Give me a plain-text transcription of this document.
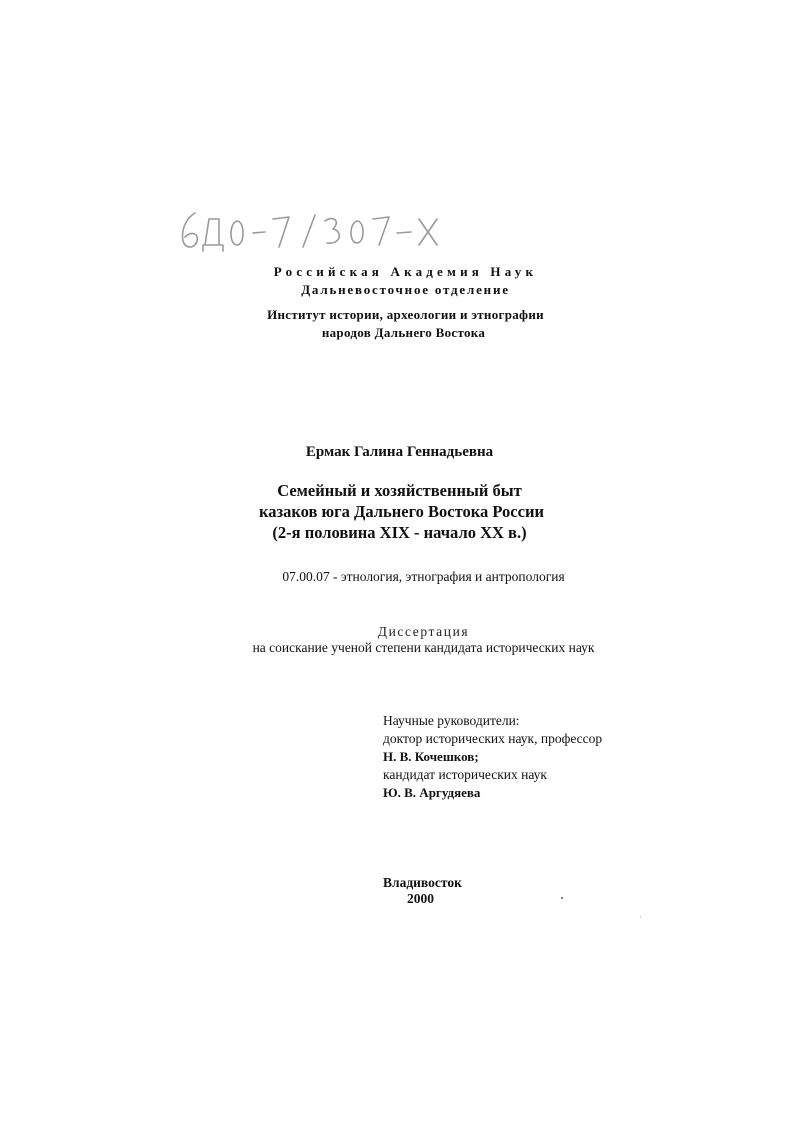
Российская Академия Наук
Дальневосточное отделение
Институт истории, археологии и этнографии
народов Дальнего Востока
Ермак Галина Геннадьевна
Семейный и хозяйственный быт
казаков юга Дальнего Востока России
(2-я половина XIX - начало XX в.)
07.00.07 - этнология, этнография и антропология
Диссертация
на соискание ученой степени кандидата исторических наук
Научные руководители:
доктор исторических наук, профессор
Н. В. Кочешков;
кандидат исторических наук
Ю. В. Аргудяева
Владивосток
2000
